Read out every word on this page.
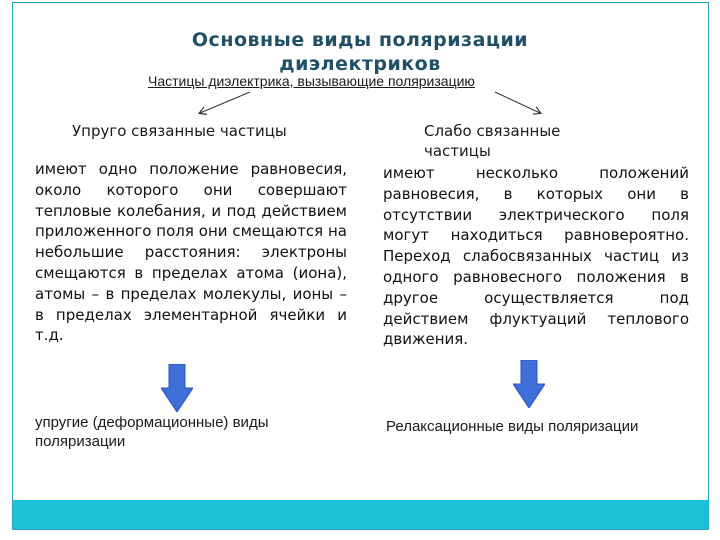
Основные виды поляризации диэлектриков
Частицы диэлектрика, вызывающие поляризацию
Упруго связанные частицы
имеют одно положение равновесия, около которого они совершают тепловые колебания, и под действием приложенного поля они смещаются на небольшие расстояния: электроны смещаются в пределах атома (иона), атомы – в пределах молекулы, ионы – в пределах элементарной ячейки и т.д.
упругие (деформационные) виды поляризации
Слабо связанные частицы
имеют несколько положений равновесия, в которых они в отсутствии электрического поля могут находиться равновероятно. Переход слабосвязанных частиц из одного равновесного положения в другое осуществляется под действием флуктуаций теплового движения.
Релаксационные виды поляризации
